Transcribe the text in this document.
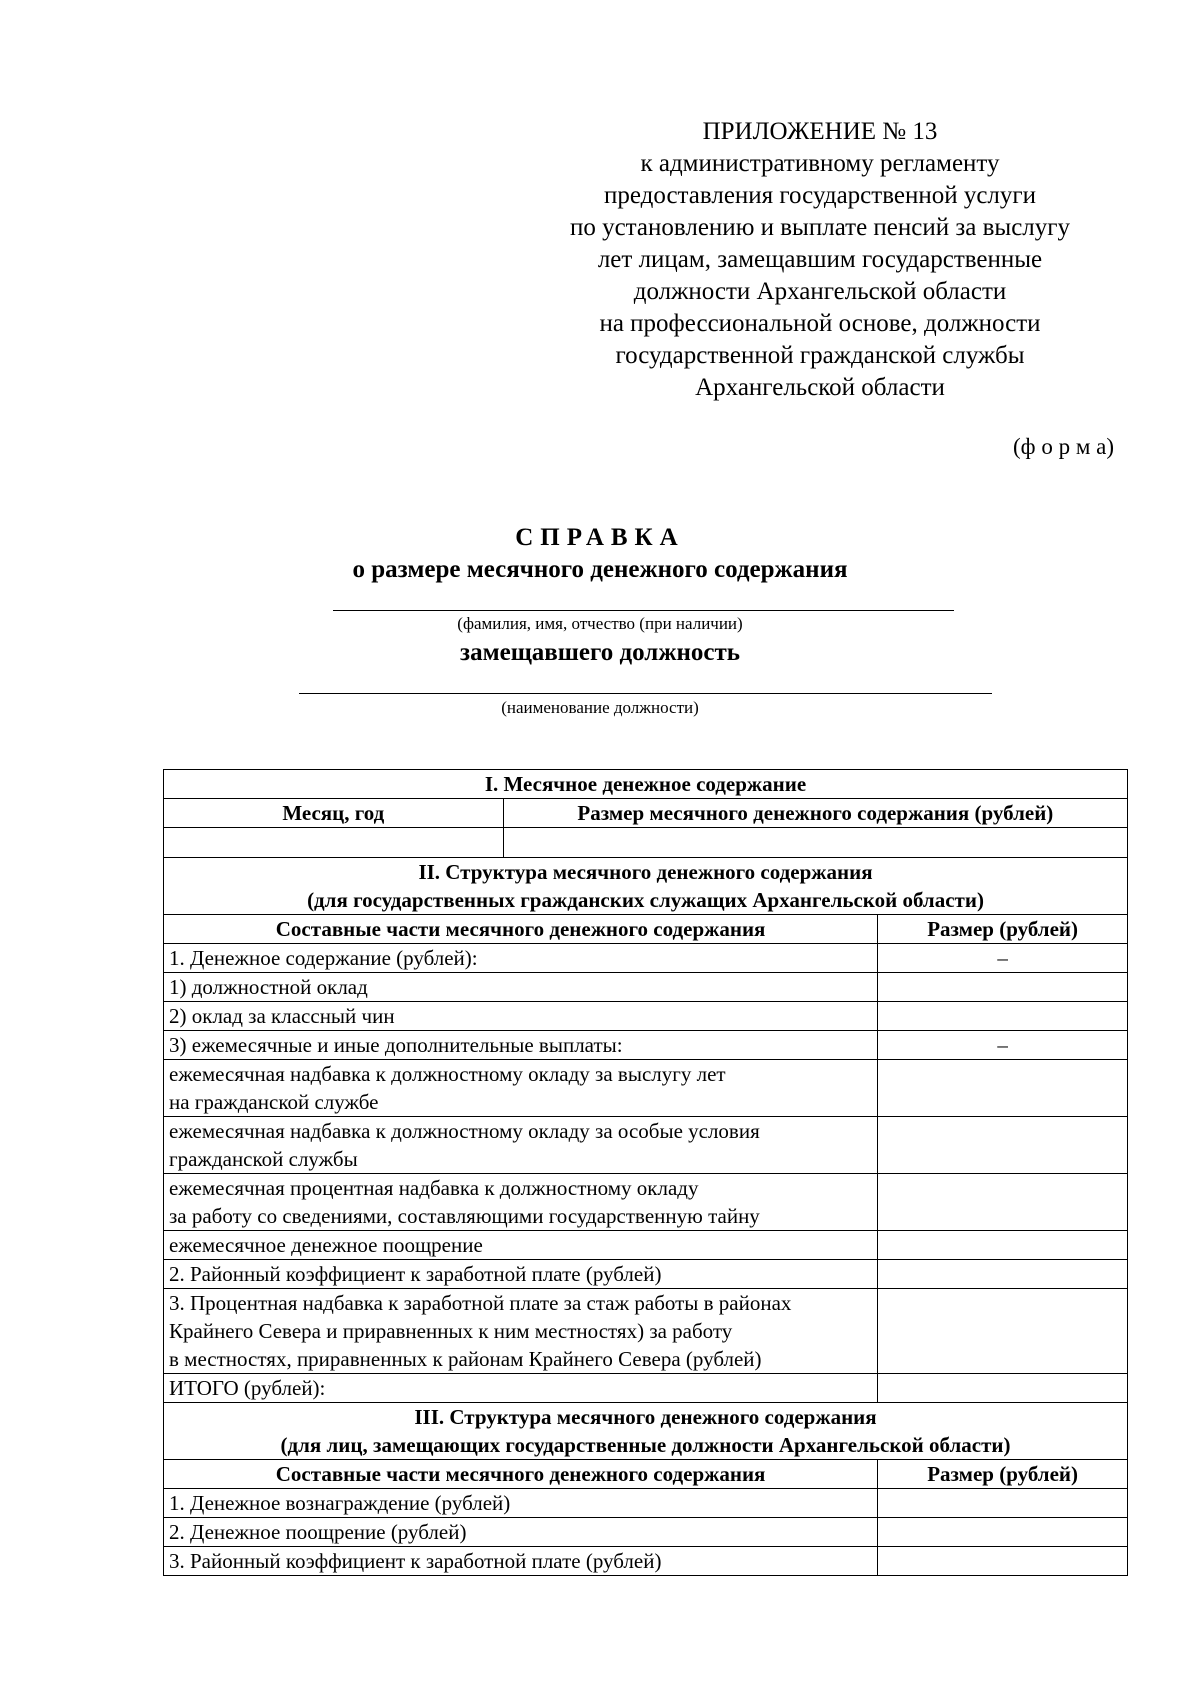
ПРИЛОЖЕНИЕ № 13
к административному регламенту
предоставления государственной услуги
по установлению и выплате пенсий за выслугу
лет лицам, замещавшим государственные
должности Архангельской области
на профессиональной основе, должности
государственной гражданской службы
Архангельской области
(ф о р м а)
СПРАВКА
о размере месячного денежного содержания
(фамилия, имя, отчество (при наличии)
замещавшего должность
(наименование должности)
I. Месячное денежное содержание		
Месяц, год	Размер месячного денежного содержания (рублей)	

II. Структура месячного денежного содержания
(для государственных гражданских служащих Архангельской области)		

Составные части месячного денежного содержания		Размер (рублей)
1. Денежное содержание (рублей):		–
1) должностной оклад		
2) оклад за классный чин		
3) ежемесячные и иные дополнительные выплаты:		–

ежемесячная надбавка к должностному окладу за выслугу лет
на гражданской службе		

ежемесячная надбавка к должностному окладу за особые условия
гражданской службы		

ежемесячная процентная надбавка к должностному окладу
за работу со сведениями, составляющими государственную тайну		

ежемесячное денежное поощрение		
2. Районный коэффициент к заработной плате (рублей)		

3. Процентная надбавка к заработной плате за стаж работы в районах
Крайнего Севера и приравненных к ним местностях) за работу
в местностях, приравненных к районам Крайнего Севера (рублей)		

ИТОГО (рублей):		

III. Структура месячного денежного содержания
(для лиц, замещающих государственные должности Архангельской области)		

Составные части месячного денежного содержания		Размер (рублей)
1. Денежное вознаграждение (рублей)		
2. Денежное поощрение (рублей)		
3. Районный коэффициент к заработной плате (рублей)		
